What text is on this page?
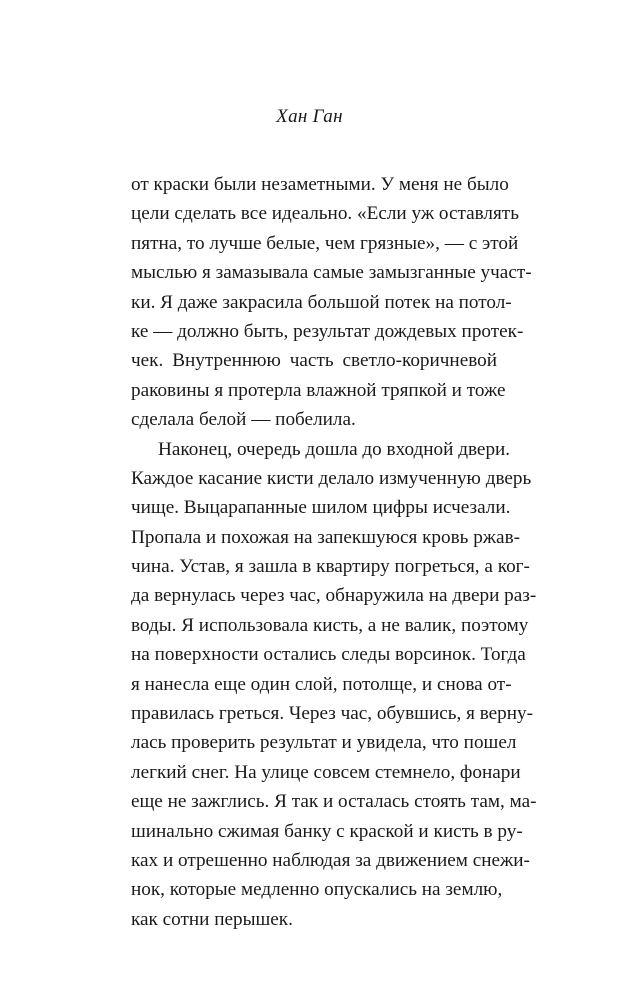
Хан Ган
от краски были незаметными. У меня не было
цели сделать все идеально. «Если уж оставлять
пятна, то лучше белые, чем грязные», — с этой
мыслью я замазывала самые замызганные участ-
ки. Я даже закрасила большой потек на потол-
ке — должно быть, результат дождевых протек-
чек. Внутреннюю часть светло-коричневой
раковины я протерла влажной тряпкой и тоже
сделала белой — побелила.
Наконец, очередь дошла до входной двери.
Каждое касание кисти делало измученную дверь
чище. Выцарапанные шилом цифры исчезали.
Пропала и похожая на запекшуюся кровь ржав-
чина. Устав, я зашла в квартиру погреться, а ког-
да вернулась через час, обнаружила на двери раз-
воды. Я использовала кисть, а не валик, поэтому
на поверхности остались следы ворсинок. Тогда
я нанесла еще один слой, потолще, и снова от-
правилась греться. Через час, обувшись, я верну-
лась проверить результат и увидела, что пошел
легкий снег. На улице совсем стемнело, фонари
еще не зажглись. Я так и осталась стоять там, ма-
шинально сжимая банку с краской и кисть в ру-
ках и отрешенно наблюдая за движением снежи-
нок, которые медленно опускались на землю,
как сотни перышек.
